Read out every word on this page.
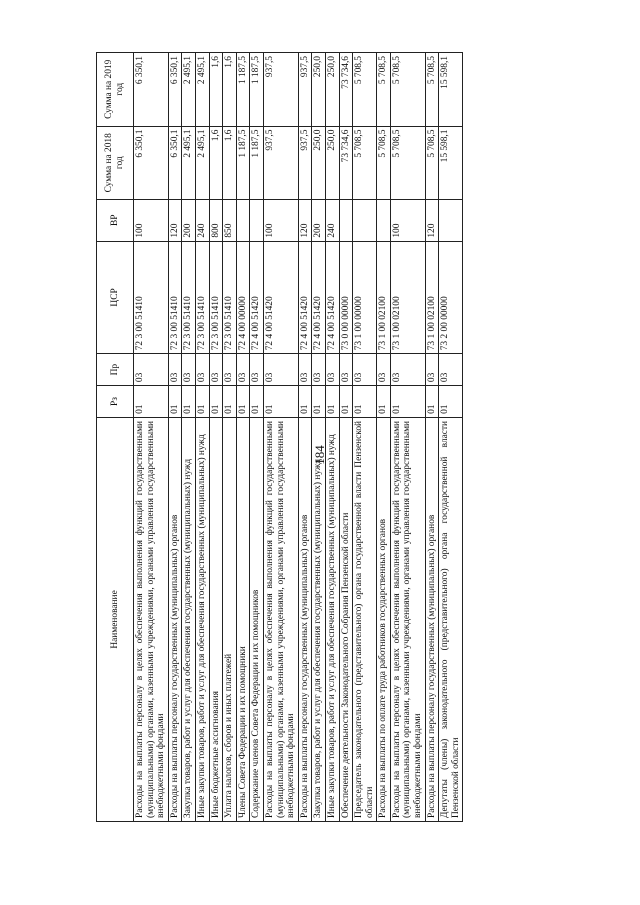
184
Наименование	Рз	Пр	ЦСР	ВР	Сумма на 2018 год	Сумма на 2019 год
Расходы на выплаты персоналу в целях обеспечения выполнения функций государственными (муниципальными) органами, казенными учреждениями, органами управления государственными внебюджетными фондами	01	03	72 3 00 51410	100	6 350,1	6 350,1
Расходы на выплаты персоналу государственных (муниципальных) органов	01	03	72 3 00 51410	120	6 350,1	6 350,1
Закупка товаров, работ и услуг для обеспечения государственных (муниципальных) нужд	01	03	72 3 00 51410	200	2 495,1	2 495,1
Иные закупки товаров, работ и услуг для обеспечения государственных (муниципальных) нужд	01	03	72 3 00 51410	240	2 495,1	2 495,1
Иные бюджетные ассигнования	01	03	72 3 00 51410	800	1,6	1,6
Уплата налогов, сборов и иных платежей	01	03	72 3 00 51410	850	1,6	1,6
Члены Совета Федерации и их помощники	01	03	72 4 00 00000		1 187,5	1 187,5
Содержание членов Совета Федерации и их помощников	01	03	72 4 00 51420		1 187,5	1 187,5
Расходы на выплаты персоналу в целях обеспечения выполнения функций государственными (муниципальными) органами, казенными учреждениями, органами управления государственными внебюджетными фондами	01	03	72 4 00 51420	100	937,5	937,5
Расходы на выплаты персоналу государственных (муниципальных) органов	01	03	72 4 00 51420	120	937,5	937,5
Закупка товаров, работ и услуг для обеспечения государственных (муниципальных) нужд	01	03	72 4 00 51420	200	250,0	250,0
Иные закупки товаров, работ и услуг для обеспечения государственных (муниципальных) нужд	01	03	72 4 00 51420	240	250,0	250,0
Обеспечение деятельности Законодательного Собрания Пензенской области	01	03	73 0 00 00000		73 734,6	73 734,6
Председатель законодательного (представительного) органа государственной власти Пензенской области	01	03	73 1 00 00000		5 708,5	5 708,5
Расходы на выплаты по оплате труда работников государственных органов	01	03	73 1 00 02100		5 708,5	5 708,5
Расходы на выплаты персоналу в целях обеспечения выполнения функций государственными (муниципальными) органами, казенными учреждениями, органами управления государственными внебюджетными фондами	01	03	73 1 00 02100	100	5 708,5	5 708,5
Расходы на выплаты персоналу государственных (муниципальных) органов	01	03	73 1 00 02100	120	5 708,5	5 708,5
Депутаты (члены) законодательного (представительного) органа государственной власти Пензенской области	01	03	73 2 00 00000		15 598,1	15 598,1
